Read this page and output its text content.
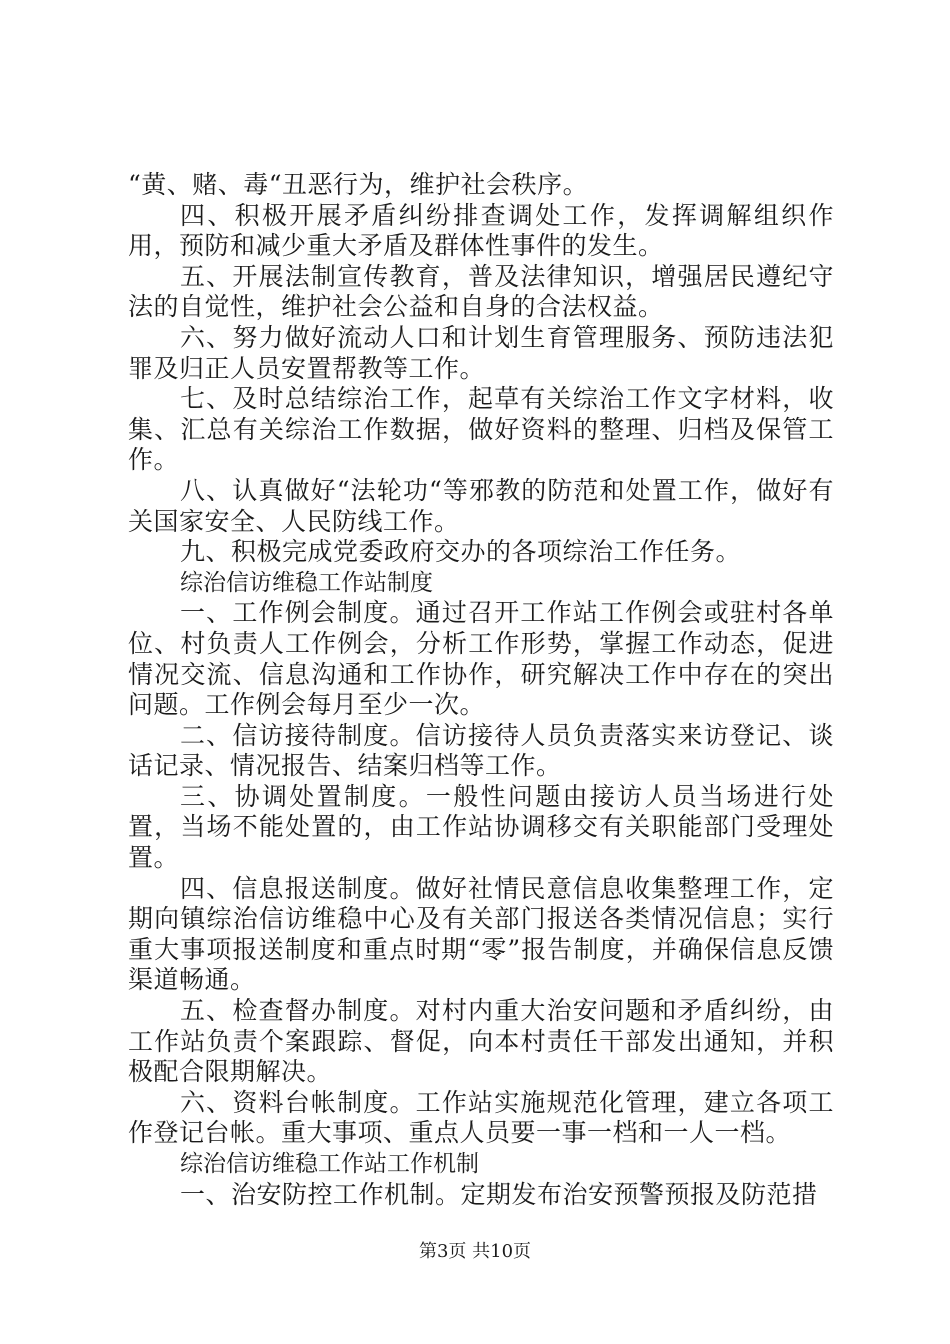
“黄、赌、毒“丑恶行为，维护社会秩序。

四、积极开展矛盾纠纷排查调处工作，发挥调解组织作用，预防和减少重大矛盾及群体性事件的发生。

五、开展法制宣传教育，普及法律知识，增强居民遵纪守法的自觉性，维护社会公益和自身的合法权益。

六、努力做好流动人口和计划生育管理服务、预防违法犯罪及归正人员安置帮教等工作。

七、及时总结综治工作，起草有关综治工作文字材料，收集、汇总有关综治工作数据，做好资料的整理、归档及保管工作。

八、认真做好“法轮功“等邪教的防范和处置工作，做好有关国家安全、人民防线工作。

九、积极完成党委政府交办的各项综治工作任务。

综治信访维稳工作站制度

一、工作例会制度。通过召开工作站工作例会或驻村各单位、村负责人工作例会，分析工作形势，掌握工作动态，促进情况交流、信息沟通和工作协作，研究解决工作中存在的突出问题。工作例会每月至少一次。

二、信访接待制度。信访接待人员负责落实来访登记、谈话记录、情况报告、结案归档等工作。

三、协调处置制度。一般性问题由接访人员当场进行处置，当场不能处置的，由工作站协调移交有关职能部门受理处置。

四、信息报送制度。做好社情民意信息收集整理工作，定期向镇综治信访维稳中心及有关部门报送各类情况信息；实行重大事项报送制度和重点时期“零”报告制度，并确保信息反馈渠道畅通。

五、检查督办制度。对村内重大治安问题和矛盾纠纷，由工作站负责个案跟踪、督促，向本村责任干部发出通知，并积极配合限期解决。

六、资料台帐制度。工作站实施规范化管理，建立各项工作登记台帐。重大事项、重点人员要一事一档和一人一档。

综治信访维稳工作站工作机制

一、治安防控工作机制。定期发布治安预警预报及防范措

第3页 共10页
